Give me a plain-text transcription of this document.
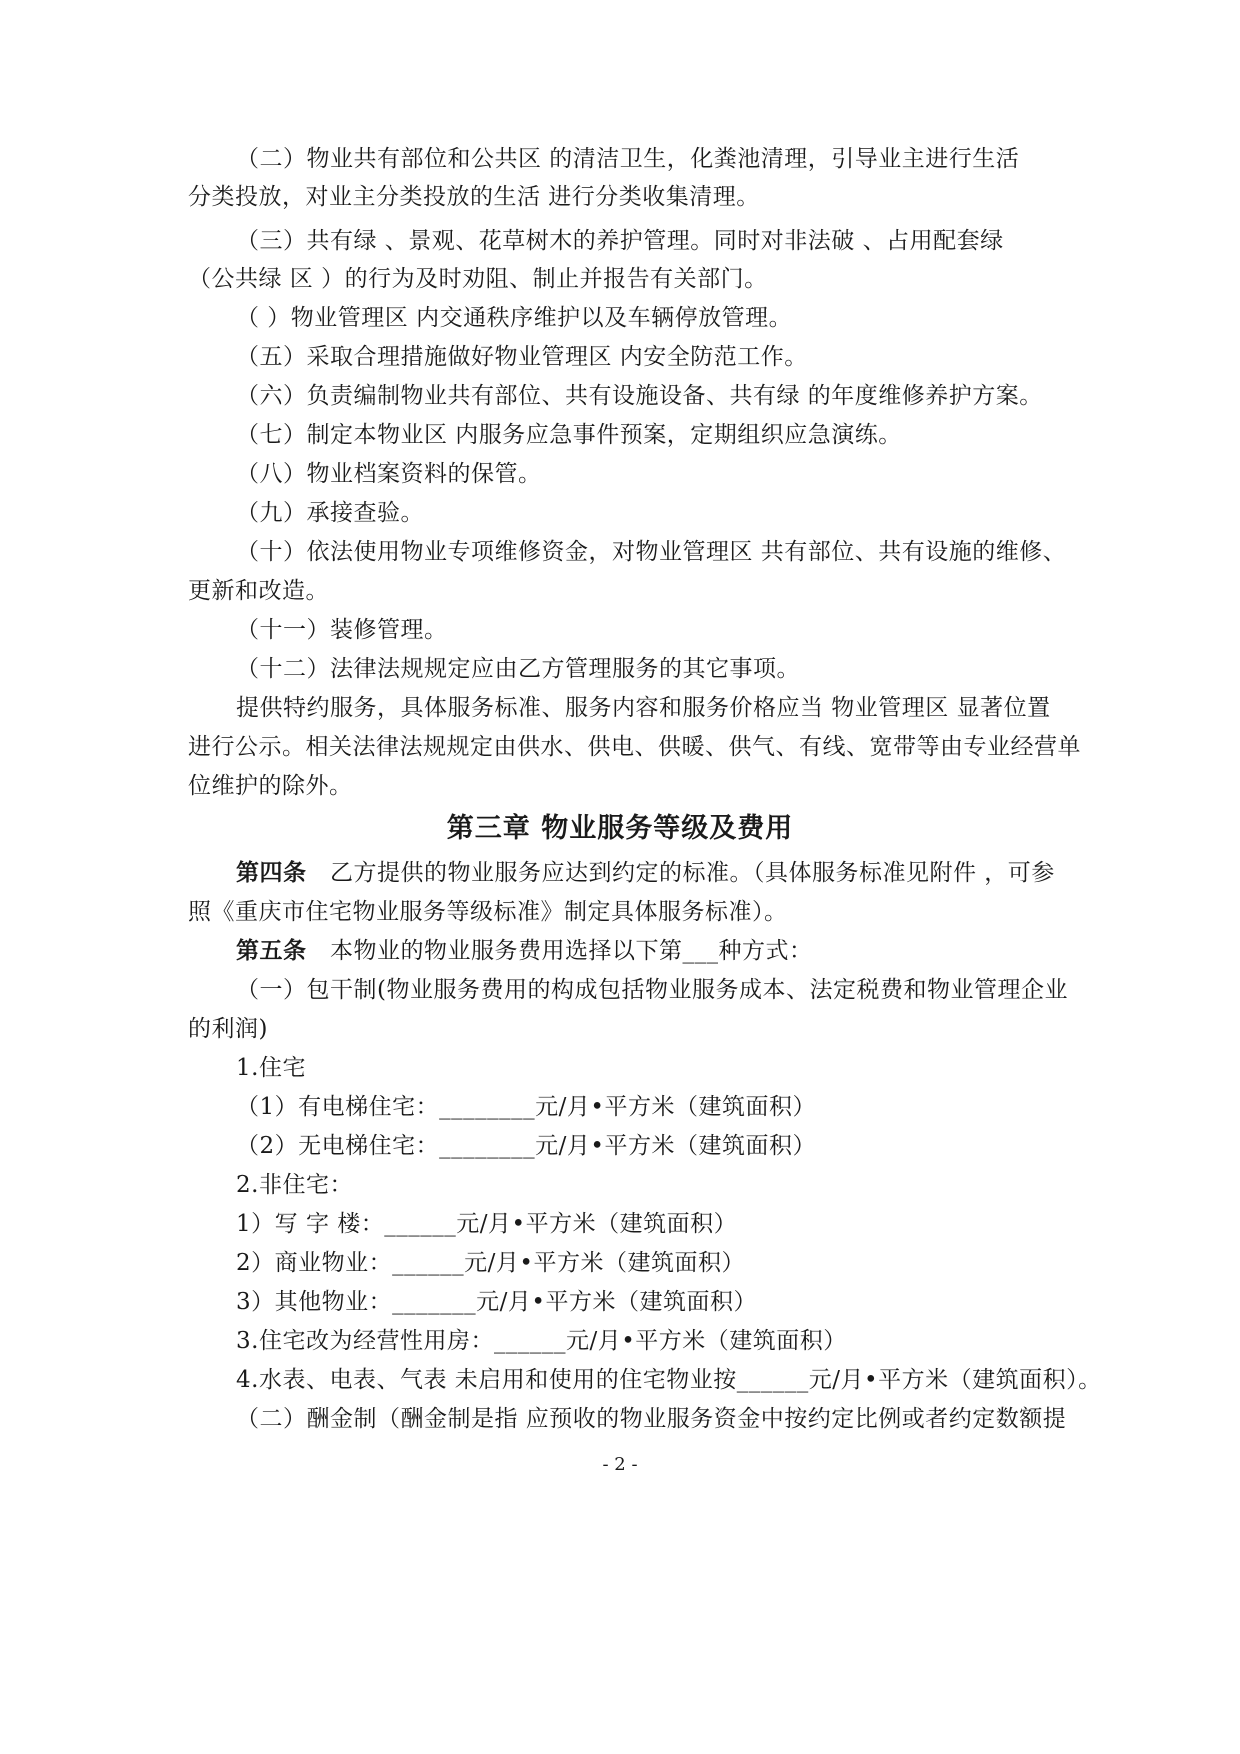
（二）物业共有部位和公共区 的清洁卫生，化粪池清理，引导业主进行生活
分类投放，对业主分类投放的生活 进行分类收集清理。
（三）共有绿 、景观、花草树木的养护管理。同时对非法破 、占用配套绿
（公共绿 区 ）的行为及时劝阻、制止并报告有关部门。
（ ）物业管理区 内交通秩序维护以及车辆停放管理。
（五）采取合理措施做好物业管理区 内安全防范工作。
（六）负责编制物业共有部位、共有设施设备、共有绿 的年度维修养护方案。
（七）制定本物业区 内服务应急事件预案，定期组织应急演练。
（八）物业档案资料的保管。
（九）承接查验。
（十）依法使用物业专项维修资金，对物业管理区 共有部位、共有设施的维修、
更新和改造。
（十一）装修管理。
（十二）法律法规规定应由乙方管理服务的其它事项。
提供特约服务，具体服务标准、服务内容和服务价格应当 物业管理区 显著位置
进行公示。相关法律法规规定由供水、供电、供暖、供气、有线、宽带等由专业经营单
位维护的除外。
第三章 物业服务等级及费用
第四条 乙方提供的物业服务应达到约定的标准。（具体服务标准见附件 ，可参
照《重庆市住宅物业服务等级标准》制定具体服务标准）。
第五条 本物业的物业服务费用选择以下第___种方式：
（一）包干制(物业服务费用的构成包括物业服务成本、法定税费和物业管理企业
的利润)
1.住宅
（1）有电梯住宅：________元/月•平方米（建筑面积）
（2）无电梯住宅：________元/月•平方米（建筑面积）
2.非住宅：
1）写 字 楼：______元/月•平方米（建筑面积）
2）商业物业：______元/月•平方米（建筑面积）
3）其他物业：_______元/月•平方米（建筑面积）
3.住宅改为经营性用房：______元/月•平方米（建筑面积）
4.水表、电表、气表 未启用和使用的住宅物业按______元/月•平方米（建筑面积）。
（二）酬金制（酬金制是指 应预收的物业服务资金中按约定比例或者约定数额提
- 2 -
